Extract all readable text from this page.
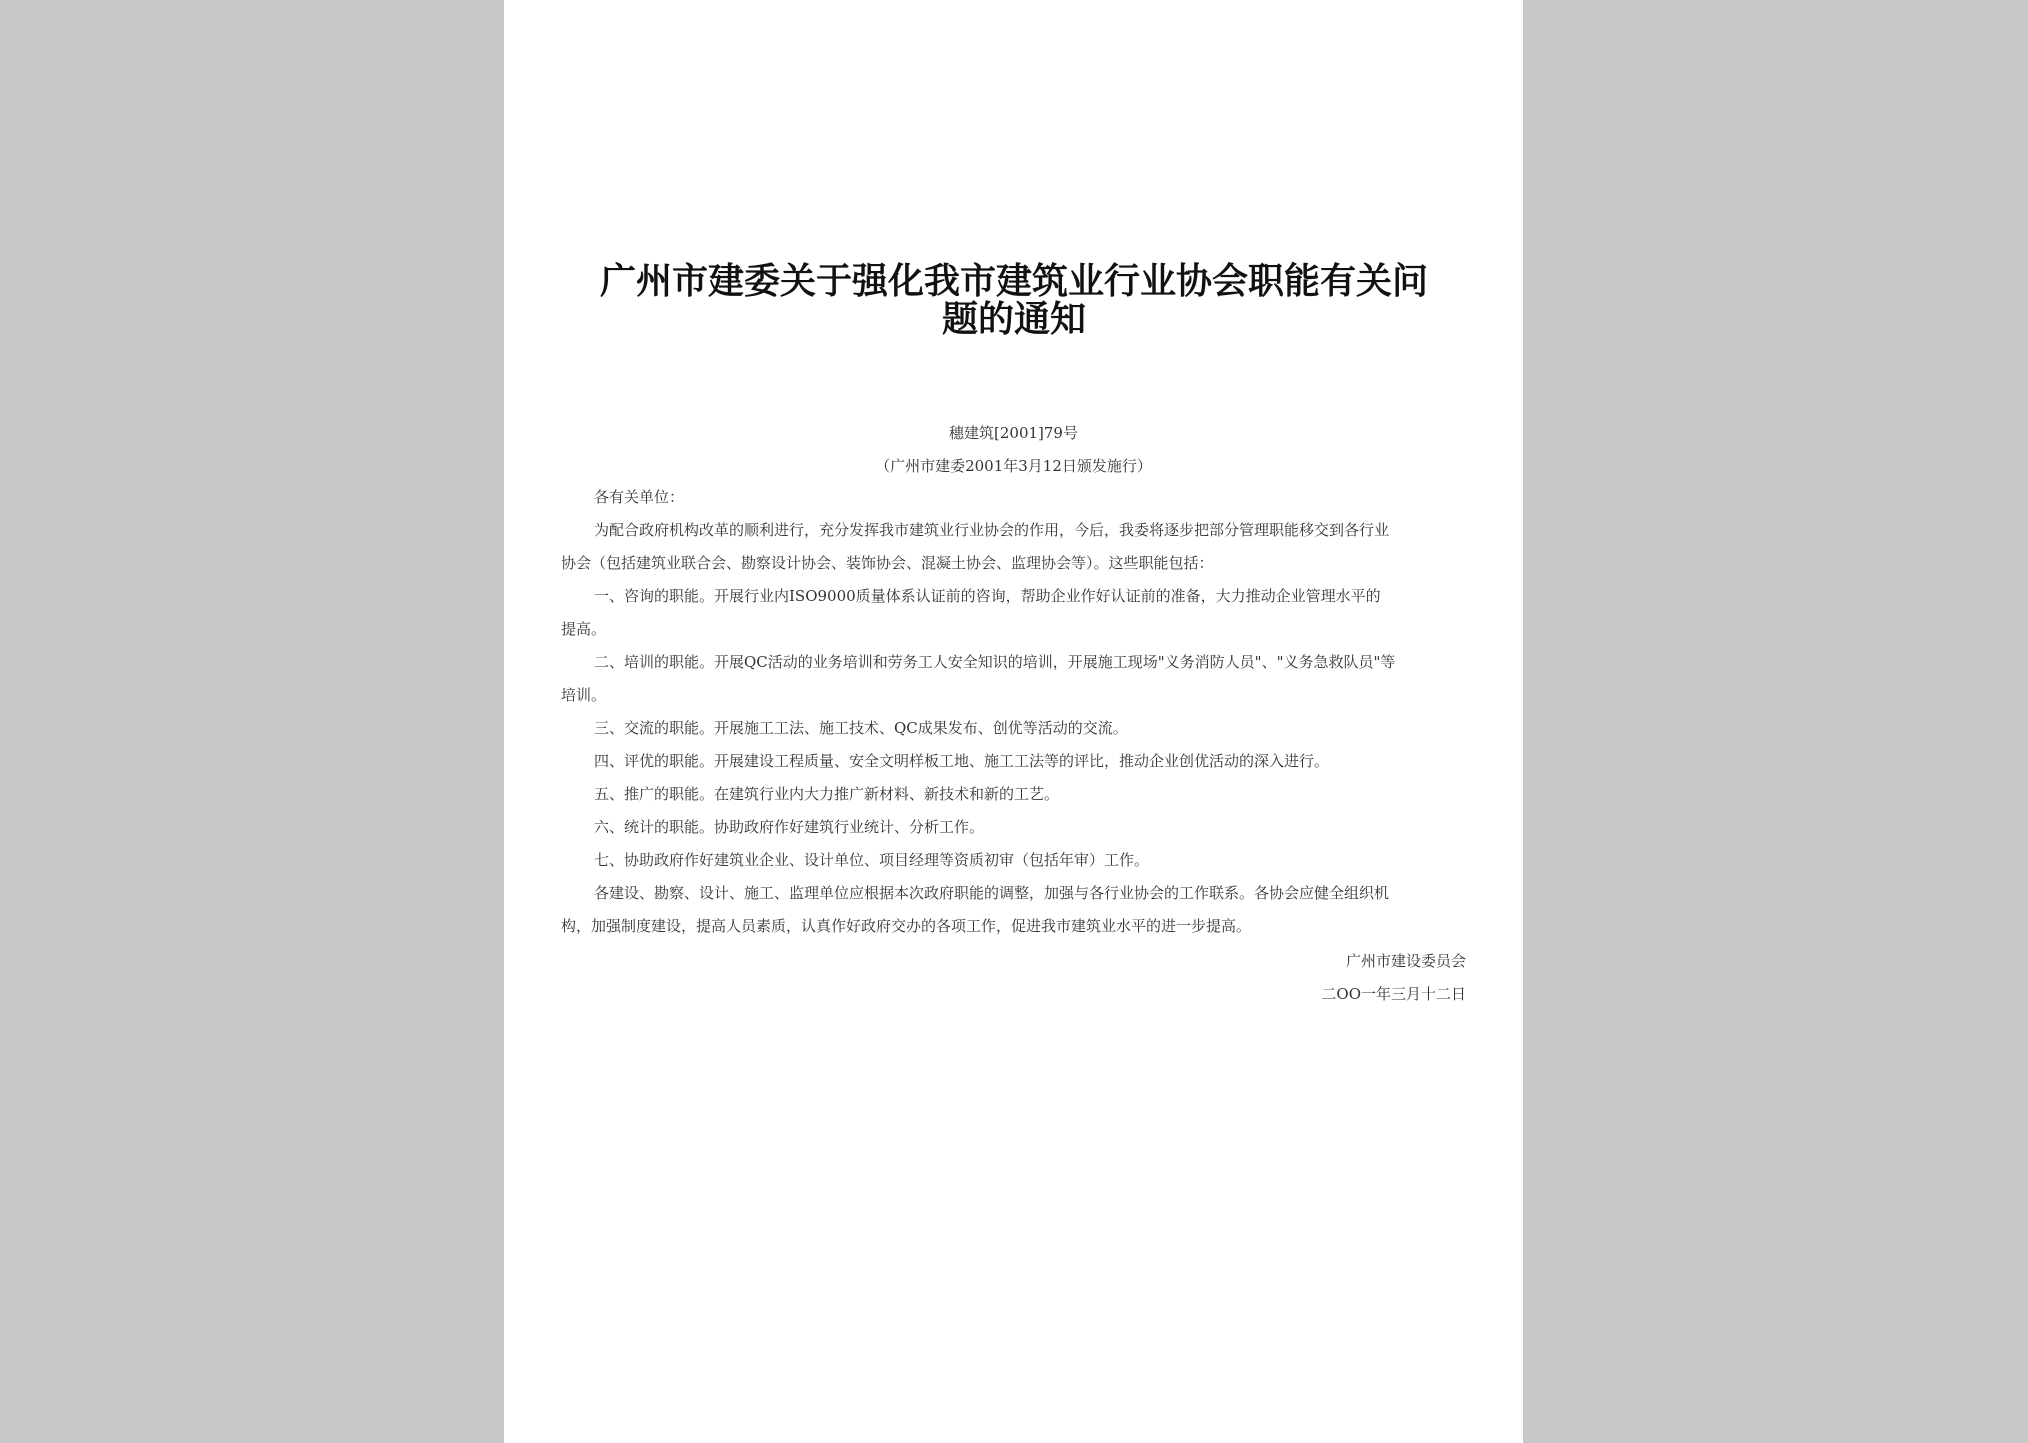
广州市建委关于强化我市建筑业行业协会职能有关问
题的通知
穗建筑[2001]79号
（广州市建委2001年3月12日颁发施行）
各有关单位：
为配合政府机构改革的顺利进行，充分发挥我市建筑业行业协会的作用，今后，我委将逐步把部分管理职能移交到各行业
协会（包括建筑业联合会、勘察设计协会、装饰协会、混凝土协会、监理协会等）。这些职能包括：
一、咨询的职能。开展行业内ISO9000质量体系认证前的咨询，帮助企业作好认证前的准备，大力推动企业管理水平的
提高。
二、培训的职能。开展QC活动的业务培训和劳务工人安全知识的培训，开展施工现场"义务消防人员"、"义务急救队员"等
培训。
三、交流的职能。开展施工工法、施工技术、QC成果发布、创优等活动的交流。
四、评优的职能。开展建设工程质量、安全文明样板工地、施工工法等的评比，推动企业创优活动的深入进行。
五、推广的职能。在建筑行业内大力推广新材料、新技术和新的工艺。
六、统计的职能。协助政府作好建筑行业统计、分析工作。
七、协助政府作好建筑业企业、设计单位、项目经理等资质初审（包括年审）工作。
各建设、勘察、设计、施工、监理单位应根据本次政府职能的调整，加强与各行业协会的工作联系。各协会应健全组织机
构，加强制度建设，提高人员素质，认真作好政府交办的各项工作，促进我市建筑业水平的进一步提高。
广州市建设委员会
二OO一年三月十二日
